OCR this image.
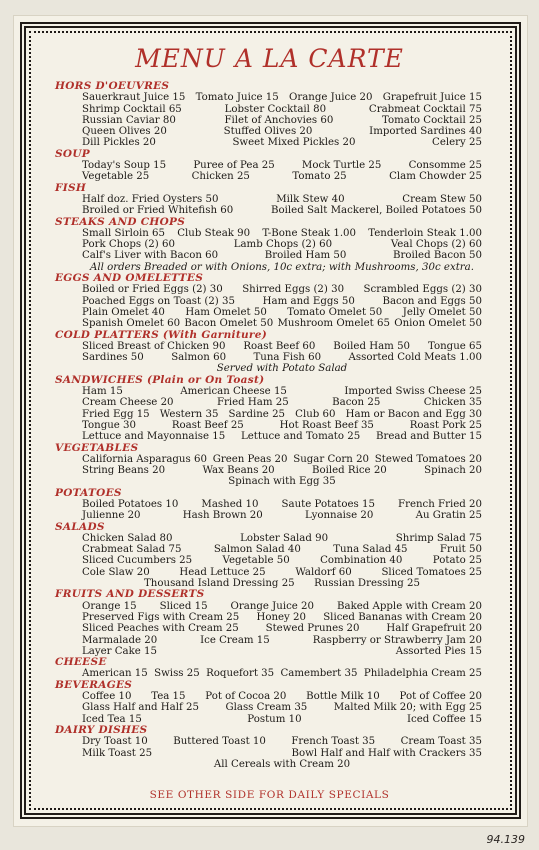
MENU A LA CARTE
HORS D'OEUVRES
Sauerkraut Juice 15 Tomato Juice 15 Orange Juice 20 Grapefruit Juice 15
Shrimp Cocktail 65	Lobster Cocktail 80	Crabmeat Cocktail 75
Russian Caviar 80	Filet of Anchovies 60	Tomato Cocktail 25
Queen Olives 20	Stuffed Olives 20	Imported Sardines 40
Dill Pickles 20	Sweet Mixed Pickles 20	Celery 25
SOUP
Today's Soup 15	Puree of Pea 25	Mock Turtle 25	Consomme 25
Vegetable 25	Chicken 25	Tomato 25	Clam Chowder 25
FISH
Half doz. Fried Oysters 50	Milk Stew 40	Cream Stew 50
Broiled or Fried Whitefish 60	Boiled Salt Mackerel, Boiled Potatoes 50
STEAKS AND CHOPS
Small Sirloin 65 Club Steak 90 T-Bone Steak 1.00 Tenderloin Steak 1.00
Pork Chops (2) 60	Lamb Chops (2) 60	Veal Chops (2) 60
Calf's Liver with Bacon 60	Broiled Ham 50	Broiled Bacon 50
All orders Breaded or with Onions, 10c extra; with Mushrooms, 30c extra.
EGGS AND OMELETTES
Boiled or Fried Eggs (2) 30 Shirred Eggs (2) 30 Scrambled Eggs (2) 30
Poached Eggs on Toast (2) 35	Ham and Eggs 50	Bacon and Eggs 50
Plain Omelet 40 Ham Omelet 50 Tomato Omelet 50 Jelly Omelet 50
Spanish Omelet 60 Bacon Omelet 50 Mushroom Omelet 65 Onion Omelet 50
COLD PLATTERS (With Garniture)
Sliced Breast of Chicken 90 Roast Beef 60 Boiled Ham 50 Tongue 65
Sardines 50	Salmon 60	Tuna Fish 60	Assorted Cold Meats 1.00
Served with Potato Salad
SANDWICHES (Plain or On Toast)
Ham 15	American Cheese 15	Imported Swiss Cheese 25
Cream Cheese 20	Fried Ham 25	Bacon 25	Chicken 35
Fried Egg 15 Western 35 Sardine 25 Club 60 Ham or Bacon and Egg 30
Tongue 30	Roast Beef 25	Hot Roast Beef 35	Roast Pork 25
Lettuce and Mayonnaise 15 Lettuce and Tomato 25 Bread and Butter 15
VEGETABLES
California Asparagus 60 Green Peas 20 Sugar Corn 20 Stewed Tomatoes 20
String Beans 20	Wax Beans 20	Boiled Rice 20	Spinach 20
Spinach with Egg 35
POTATOES
Boiled Potatoes 10 Mashed 10 Saute Potatoes 15 French Fried 20
Julienne 20	Hash Brown 20	Lyonnaise 20	Au Gratin 25
SALADS
Chicken Salad 80	Lobster Salad 90	Shrimp Salad 75
Crabmeat Salad 75	Salmon Salad 40	Tuna Salad 45	Fruit 50
Sliced Cucumbers 25	Vegetable 50	Combination 40	Potato 25
Cole Slaw 20	Head Lettuce 25	Waldorf 60	Sliced Tomatoes 25
Thousand Island Dressing 25      Russian Dressing 25
FRUITS AND DESSERTS
Orange 15 Sliced 15 Orange Juice 20 Baked Apple with Cream 20
Preserved Figs with Cream 25 Honey 20 Sliced Bananas with Cream 20
Sliced Peaches with Cream 25	Stewed Prunes 20	Half Grapefruit 20
Marmalade 20	Ice Cream 15	Raspberry or Strawberry Jam 20
Layer Cake 15	Assorted Pies 15
CHEESE
American 15 Swiss 25 Roquefort 35 Camembert 35 Philadelphia Cream 25
BEVERAGES
Coffee 10 Tea 15 Pot of Cocoa 20 Bottle Milk 10 Pot of Coffee 20
Glass Half and Half 25	Glass Cream 35	Malted Milk 20; with Egg 25
Iced Tea 15	Postum 10	Iced Coffee 15
DAIRY DISHES
Dry Toast 10 Buttered Toast 10 French Toast 35 Cream Toast 35
Milk Toast 25	Bowl Half and Half with Crackers 35
All Cereals with Cream 20
SEE OTHER SIDE FOR DAILY SPECIALS
94.139
